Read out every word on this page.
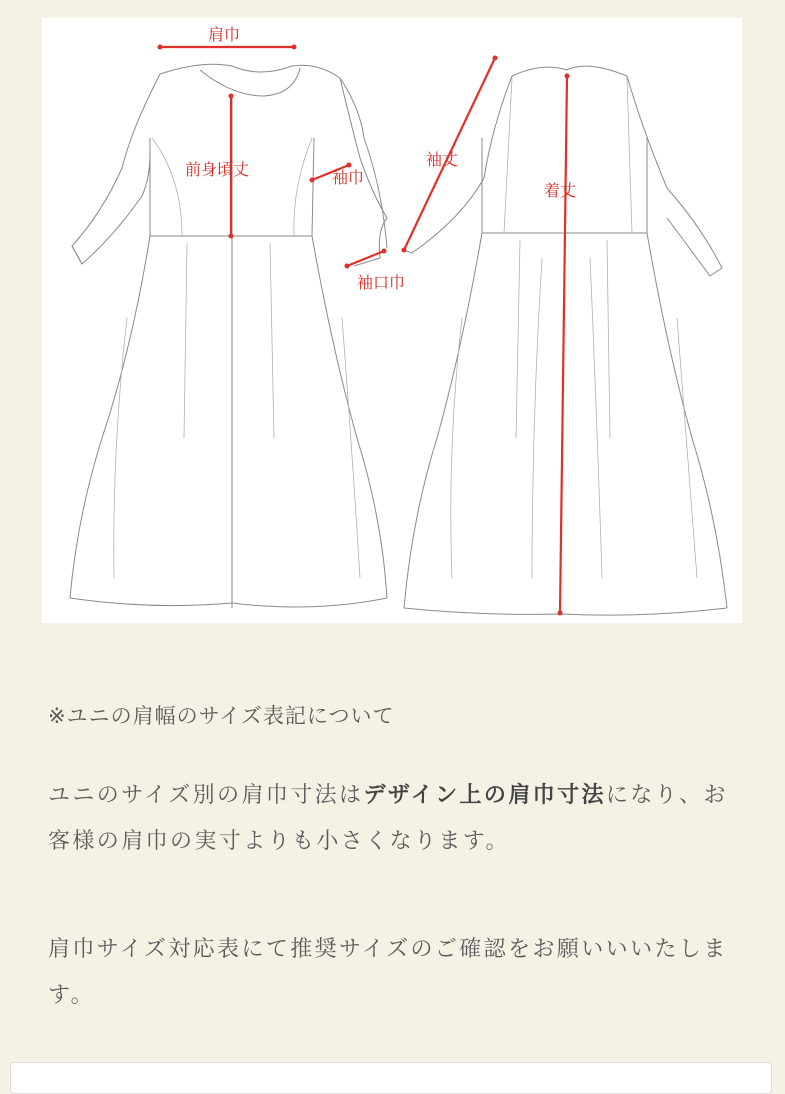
肩巾
前身頃丈	袖巾
袖口巾
袖丈
着丈
※ユニの肩幅のサイズ表記について
ユニのサイズ別の肩巾寸法はデザイン上の肩巾寸法になり、お客様の肩巾の実寸よりも小さくなります。
肩巾サイズ対応表にて推奨サイズのご確認をお願いいいたします。
